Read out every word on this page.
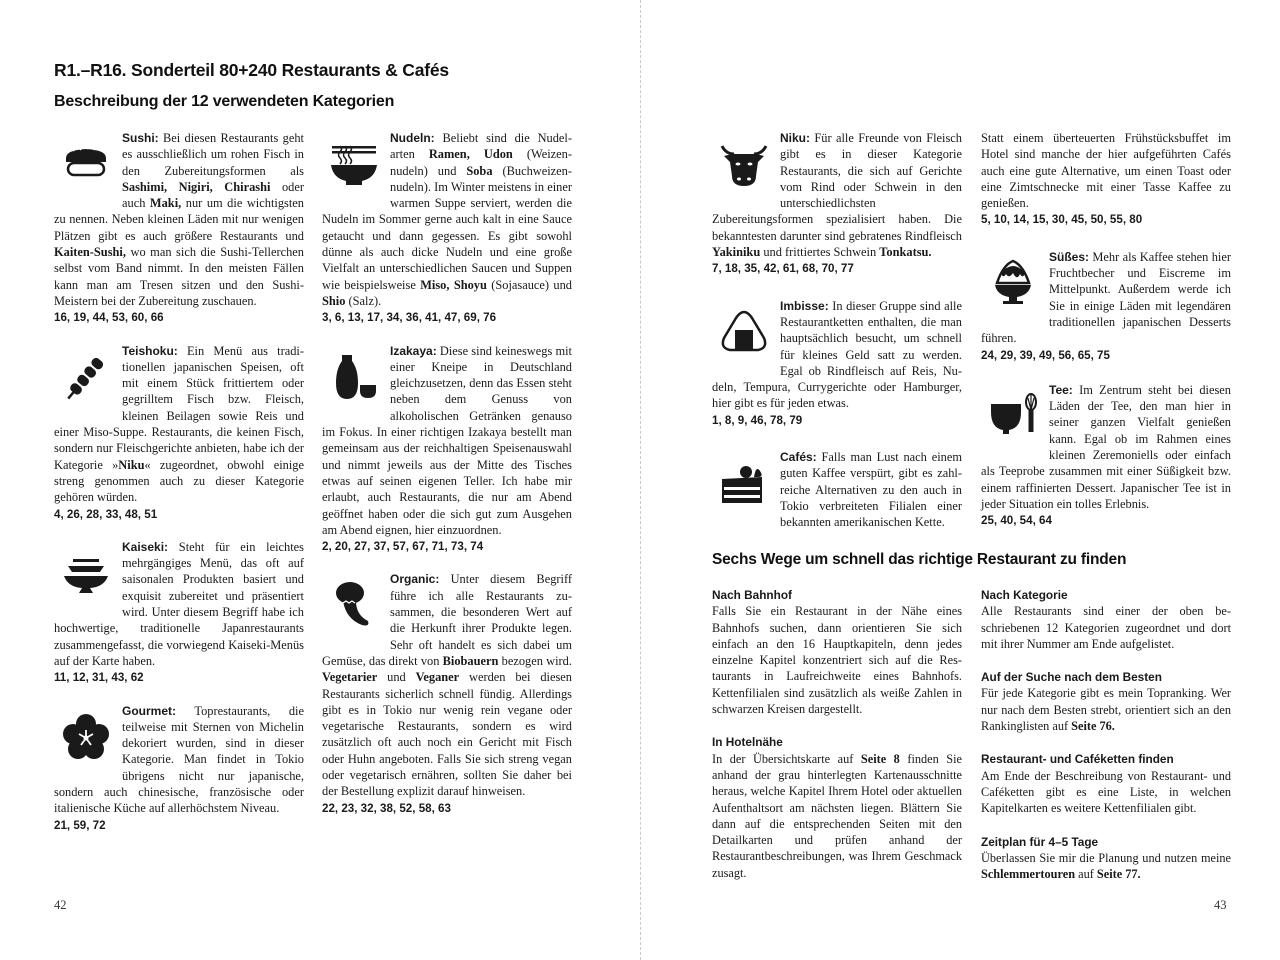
R1.–R16. Sonderteil 80+240 Restaurants & Cafés
Beschreibung der 12 verwendeten Kategorien
Sushi: Bei diesen Restaurants geht es ausschließlich um rohen Fisch in den Zubereitungsformen als Sashimi, Nigiri, Chirashi oder auch Maki, nur um die wichtigsten zu nennen. Neben kleinen Läden mit nur wenigen Plätzen gibt es auch größere Restaurants und Kaiten-Sushi, wo man sich die Sushi-Tellerchen selbst vom Band nimmt. In den meisten Fällen kann man am Tresen sitzen und den Sushi-Meistern bei der Zubereitung zuschauen.
16, 19, 44, 53, 60, 66
Teishoku: Ein Menü aus traditionellen japanischen Speisen, oft mit einem Stück frittiertem oder gegrilltem Fisch bzw. Fleisch, kleinen Beilagen sowie Reis und einer Miso-Suppe. Restaurants, die keinen Fisch, sondern nur Fleischgerichte anbieten, habe ich der Kategorie »Niku« zugeordnet, obwohl einige streng genommen auch zu dieser Kategorie gehören würden.
4, 26, 28, 33, 48, 51
Kaiseki: Steht für ein leichtes mehrgängiges Menü, das oft auf saisonalen Produkten basiert und exquisit zubereitet und präsentiert wird. Unter diesem Begriff habe ich hochwertige, traditionelle Japanrestaurants zusammengefasst, die vorwiegend Kaiseki-Menüs auf der Karte haben.
11, 12, 31, 43, 62
Gourmet: Toprestaurants, die teilweise mit Sternen von Michelin dekoriert wurden, sind in dieser Kategorie. Man findet in Tokio übrigens nicht nur japanische, sondern auch chinesische, französische oder italienische Küche auf allerhöchstem Niveau.
21, 59, 72
Nudeln: Beliebt sind die Nudelarten Ramen, Udon (Weizennudeln) und Soba (Buchweizennudeln). Im Winter meistens in einer warmen Suppe serviert, werden die Nudeln im Sommer gerne auch kalt in eine Sauce getaucht und dann gegessen. Es gibt sowohl dünne als auch dicke Nudeln und eine große Vielfalt an unterschiedlichen Saucen und Suppen wie beispielsweise Miso, Shoyu (Sojasauce) und Shio (Salz).
3, 6, 13, 17, 34, 36, 41, 47, 69, 76
Izakaya: Diese sind keineswegs mit einer Kneipe in Deutschland gleichzusetzen, denn das Essen steht neben dem Genuss von alkoholischen Getränken genauso im Fokus. In einer richtigen Izakaya bestellt man gemeinsam aus der reichhaltigen Speisenauswahl und nimmt jeweils aus der Mitte des Tisches etwas auf seinen eigenen Teller. Ich habe mir erlaubt, auch Restaurants, die nur am Abend geöffnet haben oder die sich gut zum Ausgehen am Abend eignen, hier einzuordnen.
2, 20, 27, 37, 57, 67, 71, 73, 74
Organic: Unter diesem Begriff führe ich alle Restaurants zusammen, die besonderen Wert auf die Herkunft ihrer Produkte legen. Sehr oft handelt es sich dabei um Gemüse, das direkt von Biobauern bezogen wird. Vegetarier und Veganer werden bei diesen Restaurants sicherlich schnell fündig. Allerdings gibt es in Tokio nur wenig rein vegane oder vegetarische Restaurants, sondern es wird zusätzlich oft auch noch ein Gericht mit Fisch oder Huhn angeboten. Falls Sie sich streng vegan oder vegetarisch ernähren, sollten Sie daher bei der Bestellung explizit darauf hinweisen.
22, 23, 32, 38, 52, 58, 63
42
Niku: Für alle Freunde von Fleisch gibt es in dieser Kategorie Restaurants, die sich auf Gerichte vom Rind oder Schwein in den unterschiedlichsten Zubereitungsformen spezialisiert haben. Die bekanntesten darunter sind gebratenes Rindfleisch Yakiniku und frittiertes Schwein Tonkatsu.
7, 18, 35, 42, 61, 68, 70, 77
Imbisse: In dieser Gruppe sind alle Restaurantketten enthalten, die man hauptsächlich besucht, um schnell für kleines Geld satt zu werden. Egal ob Rindfleisch auf Reis, Nudeln, Tempura, Currygerichte oder Hamburger, hier gibt es für jeden etwas.
1, 8, 9, 46, 78, 79
Cafés: Falls man Lust nach einem guten Kaffee verspürt, gibt es zahlreiche Alternativen zu den auch in Tokio verbreiteten Filialen einer bekannten amerikanischen Kette.
Statt einem überteuerten Frühstücksbuffet im Hotel sind manche der hier aufgeführten Cafés auch eine gute Alternative, um einen Toast oder eine Zimtschnecke mit einer Tasse Kaffee zu genießen.
5, 10, 14, 15, 30, 45, 50, 55, 80
Süßes: Mehr als Kaffee stehen hier Fruchtbecher und Eiscreme im Mittelpunkt. Außerdem werde ich Sie in einige Läden mit legendären traditionellen japanischen Desserts führen.
24, 29, 39, 49, 56, 65, 75
Tee: Im Zentrum steht bei diesen Läden der Tee, den man hier in seiner ganzen Vielfalt genießen kann. Egal ob im Rahmen eines kleinen Zeremoniells oder einfach als Teeprobe zusammen mit einer Süßigkeit bzw. einem raffinierten Dessert. Japanischer Tee ist in jeder Situation ein tolles Erlebnis.
25, 40, 54, 64
Sechs Wege um schnell das richtige Restaurant zu finden
Nach Bahnhof
Falls Sie ein Restaurant in der Nähe eines Bahnhofs suchen, dann orientieren Sie sich einfach an den 16 Hauptkapiteln, denn jedes einzelne Kapitel konzentriert sich auf die Restaurants in Laufreichweite eines Bahnhofs. Kettenfilialen sind zusätzlich als weiße Zahlen in schwarzen Kreisen dargestellt.
In Hotelnähe
In der Übersichtskarte auf Seite 8 finden Sie anhand der grau hinterlegten Kartenausschnitte heraus, welche Kapitel Ihrem Hotel oder aktuellen Aufenthaltsort am nächsten liegen. Blättern Sie dann auf die entsprechenden Seiten mit den Detailkarten und prüfen anhand der Restaurantbeschreibungen, was Ihrem Geschmack zusagt.
Nach Kategorie
Alle Restaurants sind einer der oben beschriebenen 12 Kategorien zugeordnet und dort mit ihrer Nummer am Ende aufgelistet.
Auf der Suche nach dem Besten
Für jede Kategorie gibt es mein Topranking. Wer nur nach dem Besten strebt, orientiert sich an den Rankinglisten auf Seite 76.
Restaurant- und Caféketten finden
Am Ende der Beschreibung von Restaurant- und Caféketten gibt es eine Liste, in welchen Kapitelkarten es weitere Kettenfilialen gibt.
Zeitplan für 4–5 Tage
Überlassen Sie mir die Planung und nutzen meine Schlemmertouren auf Seite 77.
43
